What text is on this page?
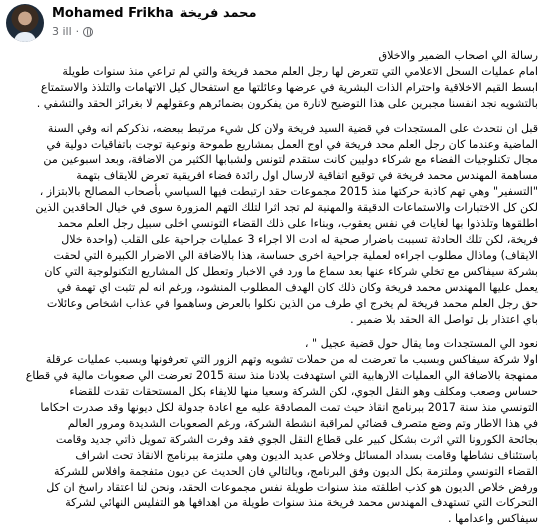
Mohamed Frikha محمد فريخة
3 ill ·
رسالة الي اصحاب الضمير والاخلاق
امام عمليات السحل الاعلامي التي تتعرض لها رجل العلم محمد فريخة والتي لم تراعي منذ سنوات طويلة
ابسط القيم الاخلاقية واحترام الذات البشرية في عرضها وعائلتها مع استفحال كيل الاتهامات والتلذذ والاستمتاع
بالتشويه نجد انفسنا مجبرين على هذا التوضيح لانارة من يفكرون بضمائرهم وعقولهم لا بغرائز الحقد والتشفي .
قبل ان نتحدث على المستجدات في قضية السيد فريخة ولان كل شيء مرتبط ببعضه، نذكركم انه وفي السنة
الماضية وعندما كان رجل العلم محد فريخة في اوج العمل بمشاريع طموحة ونوعية توجت باتفاقيات دولية في
مجال تكنلوجيات الفضاء مع شركاء دوليين كانت ستقدم لتونس ولشبابها الكثير من الاضافة، وبعد اسبوعين من
مساهمة المهندس محمد فريخة في توقيع اتفاقية لارسال اول رائدة فضاء افريقية تعرض للايقاف بتهمة
"التسفير" وهي تهم كاذبة حركتها منذ 2015 مجموعات حقد ارتبطت فيها السياسي بأصحاب المصالح بالابتزاز ،
لكن كل الاختبارات والاستماعات الدقيقة والمهنية لم تجد اثرا لتلك التهم المزورة سوى في خيال الحاقدين الذين
اطلقوها وتلذذوا بها لغايات في نفس يعقوب، وبناءا على ذلك القضاء التونسي اخلى سبيل رجل العلم محمد
فريخة، لكن تلك الحادثة تسببت باضرار صحية له ادت الا اجراء 3 عمليات جراحية على القلب (واحدة خلال
الايقاف) وماذال مطلوب اجراءه لعملية جراحية اخرى حساسة، هذا بالاضافة الي الاضرار الكبيرة التي لحقت
بشركة سيفاكس مع تخلي شركاء عنها بعد سماع ما ورد في الاخبار وتعطل كل المشاريع التكنولوجية التي كان
يعمل عليها المهندس محمد فريخة وكان ذلك كان الهدف المطلوب المنشود، ورغم انه لم تثبت اي تهمة في
حق رجل العلم محمد فريخة لم يخرج اي طرف من الذين نكلوا بالعرض وساهموا في عذاب اشخاص وعائلات
باي اعتذار بل تواصل الة الحقد بلا ضمير .
نعود الي المستجدات وما يقال حول قضية عجيل " ،
اولا شركة سيفاكس وبسبب ما تعرضت له من حملات تشويه وتهم الزور التي تعرفونها وبسبب عمليات عرقلة
ممنهجة بالاضافة الي العمليات الارهابية التي استهدفت بلادنا منذ سنة 2015 تعرضت الي صعوبات مالية في قطاع
حساس وصعب ومكلف وهو النقل الجوي، لكن الشركة وسعيا منها للايفاء بكل المستحقات تقدت للقضاء
التونسي منذ سنة 2017 ببرنامج انقاذ حيث تمت المصادقة عليه مع اعادة جدولة لكل ديونها وقد صدرت احكاما
في هذا الاطار وتم وضع متصرف قضائي لمراقبة انشطة الشركة، ورغم الصعوبات الشديدة ومرور العالم
بجائحة الكورونا التي اثرت بشكل كبير على قطاع النقل الجوي فقد وفرت الشركة تمويل ذاتي جديد وقامت
باستئناف نشاطها وقامت بسداد المسائل وخلاص عديد الديون وهي ملتزمة ببرنامج الانقاذ تحت اشراف
القضاء التونسي وملتزمة بكل الديون وفق البرنامج، وبالتالي فان الحديث عن ديون متفجمة وافلاس للشركة
ورفض خلاص الديون هو كذب اطلقته منذ سنوات طويلة نفس مجموعات الحقد، ونحن لنا اعتقاد راسخ ان كل
التحركات التي تستهدف المهندس محمد فريخة منذ سنوات طويلة من اهدافها هو التفليس النهائي لشركة
سيفاكس واعدامها .
